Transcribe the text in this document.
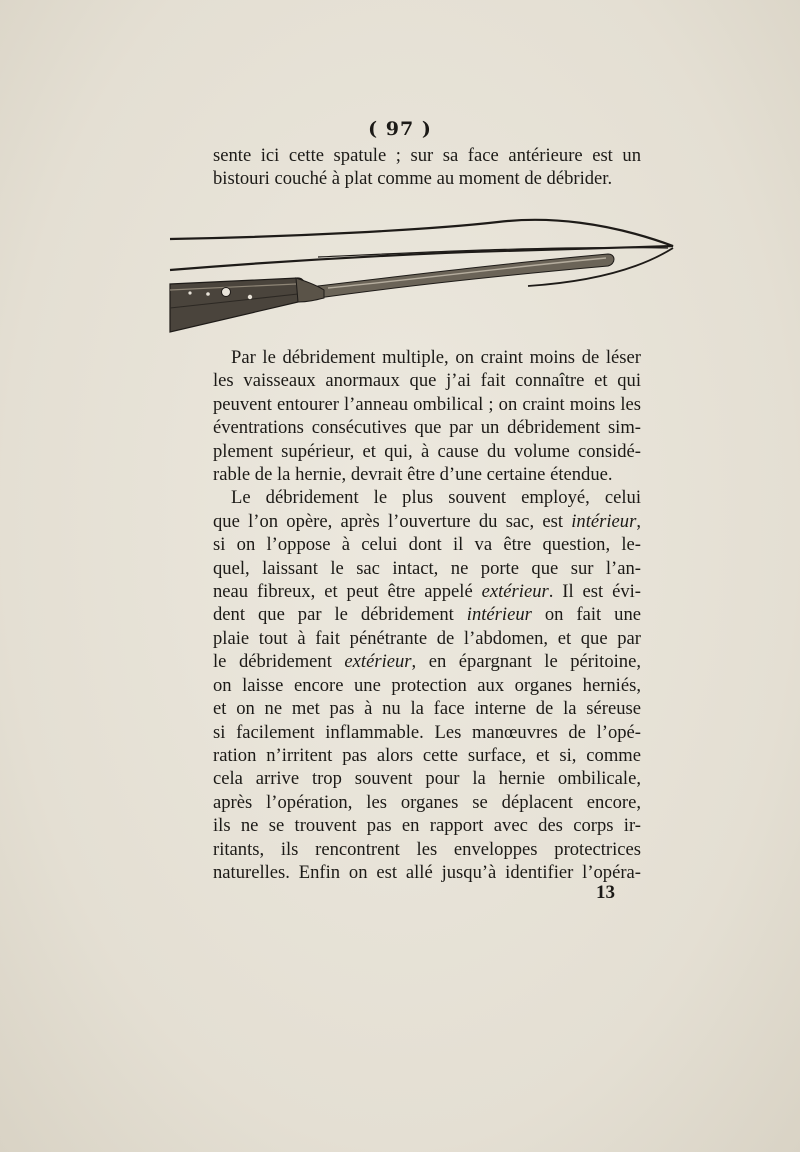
( 97 )
sente ici cette spatule ; sur sa face antérieure est un
bistouri couché à plat comme au moment de débrider.
Par le débridement multiple, on craint moins de léser
les vaisseaux anormaux que j’ai fait connaître et qui
peuvent entourer l’anneau ombilical ; on craint moins les
éventrations consécutives que par un débridement sim-
plement supérieur, et qui, à cause du volume considé-
rable de la hernie, devrait être d’une certaine étendue.
Le débridement le plus souvent employé, celui
que l’on opère, après l’ouverture du sac, est intérieur,
si on l’oppose à celui dont il va être question, le-
quel, laissant le sac intact, ne porte que sur l’an-
neau fibreux, et peut être appelé extérieur. Il est évi-
dent que par le débridement intérieur on fait une
plaie tout à fait pénétrante de l’abdomen, et que par
le débridement extérieur, en épargnant le péritoine,
on laisse encore une protection aux organes herniés,
et on ne met pas à nu la face interne de la séreuse
si facilement inflammable. Les manœuvres de l’opé-
ration n’irritent pas alors cette surface, et si, comme
cela arrive trop souvent pour la hernie ombilicale,
après l’opération, les organes se déplacent encore,
ils ne se trouvent pas en rapport avec des corps ir-
ritants, ils rencontrent les enveloppes protectrices
naturelles. Enfin on est allé jusqu’à identifier l’opéra-
13
